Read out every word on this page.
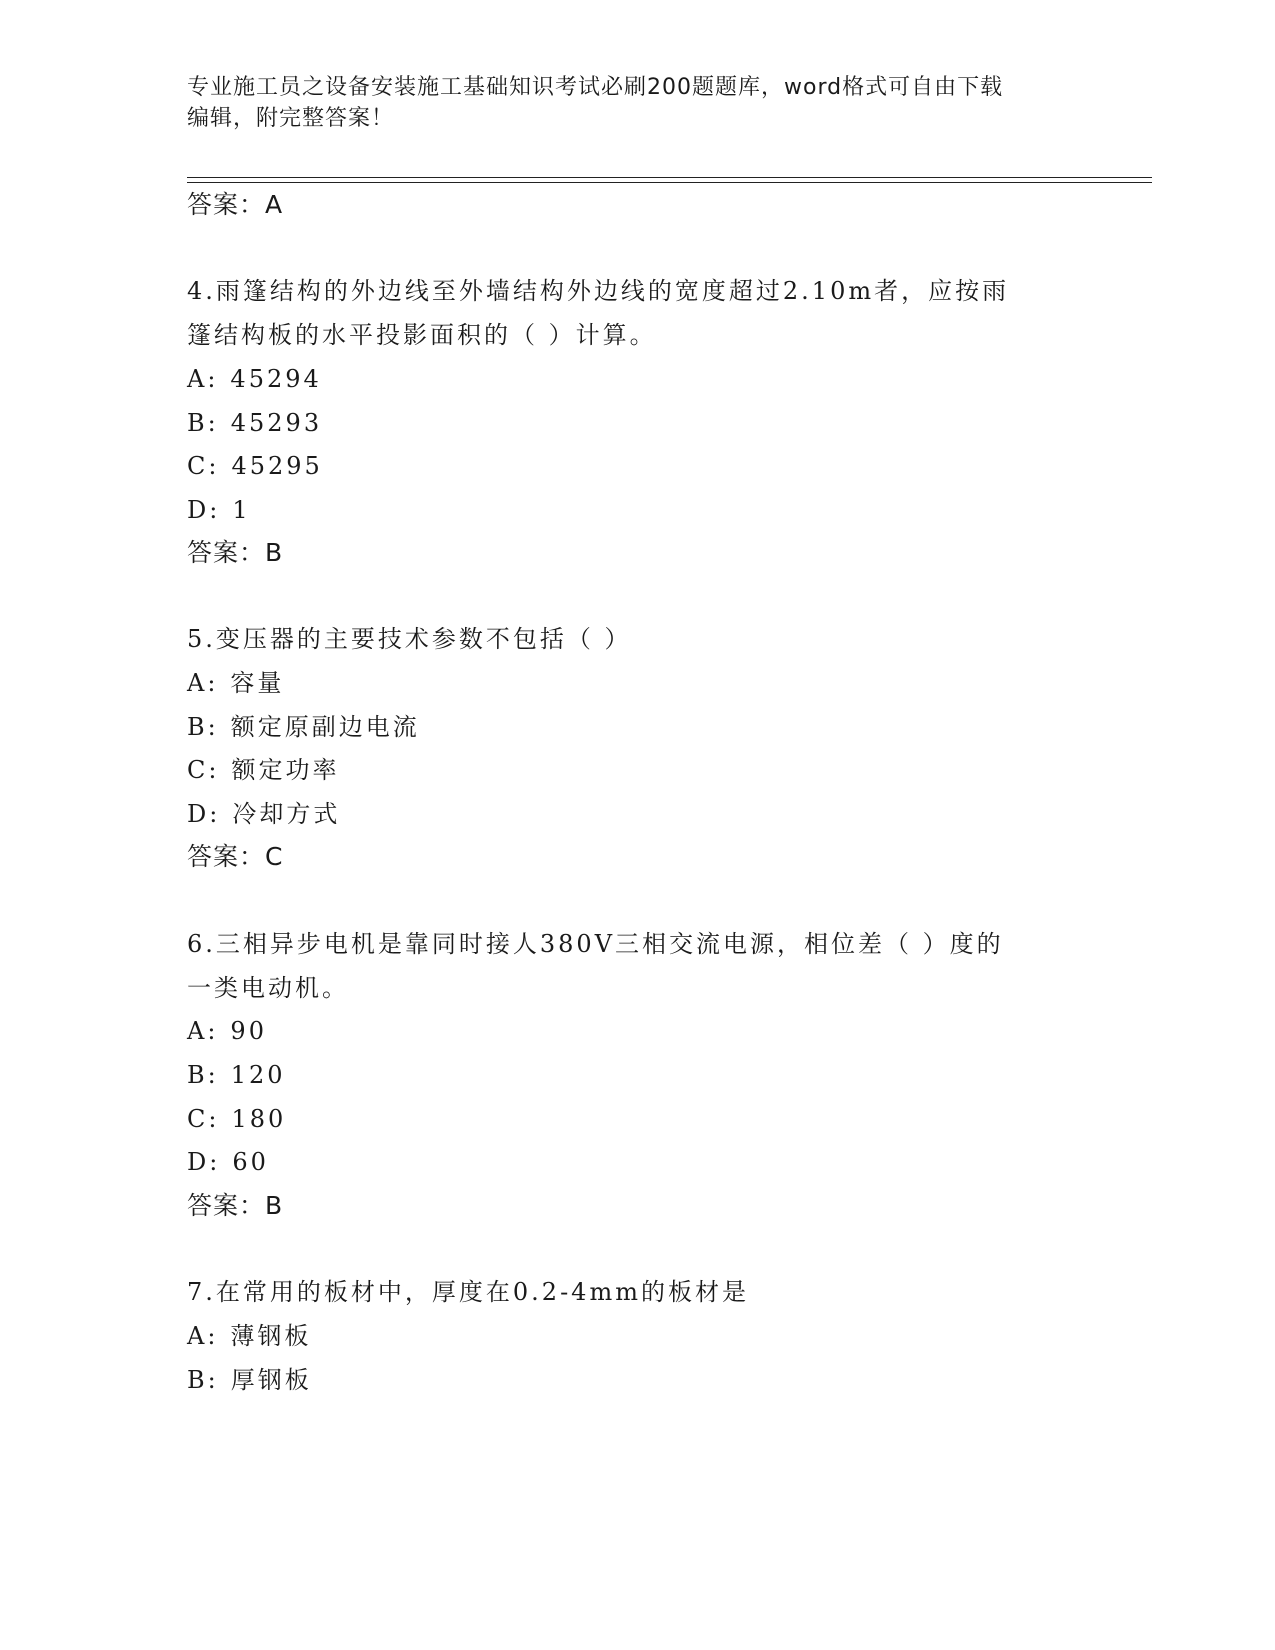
专业施工员之设备安装施工基础知识考试必刷200题题库，word格式可自由下载
编辑，附完整答案！
答案：A
4.雨篷结构的外边线至外墙结构外边线的宽度超过2.10m者，应按雨
篷结构板的水平投影面积的（ ）计算。
A: 45294
B: 45293
C: 45295
D: 1
答案：B
5.变压器的主要技术参数不包括（ ）
A: 容量
B: 额定原副边电流
C: 额定功率
D: 冷却方式
答案：C
6.三相异步电机是靠同时接人380V三相交流电源，相位差（ ）度的
一类电动机。
A: 90
B: 120
C: 180
D: 60
答案：B
7.在常用的板材中，厚度在0.2-4mm的板材是
A: 薄钢板
B: 厚钢板
